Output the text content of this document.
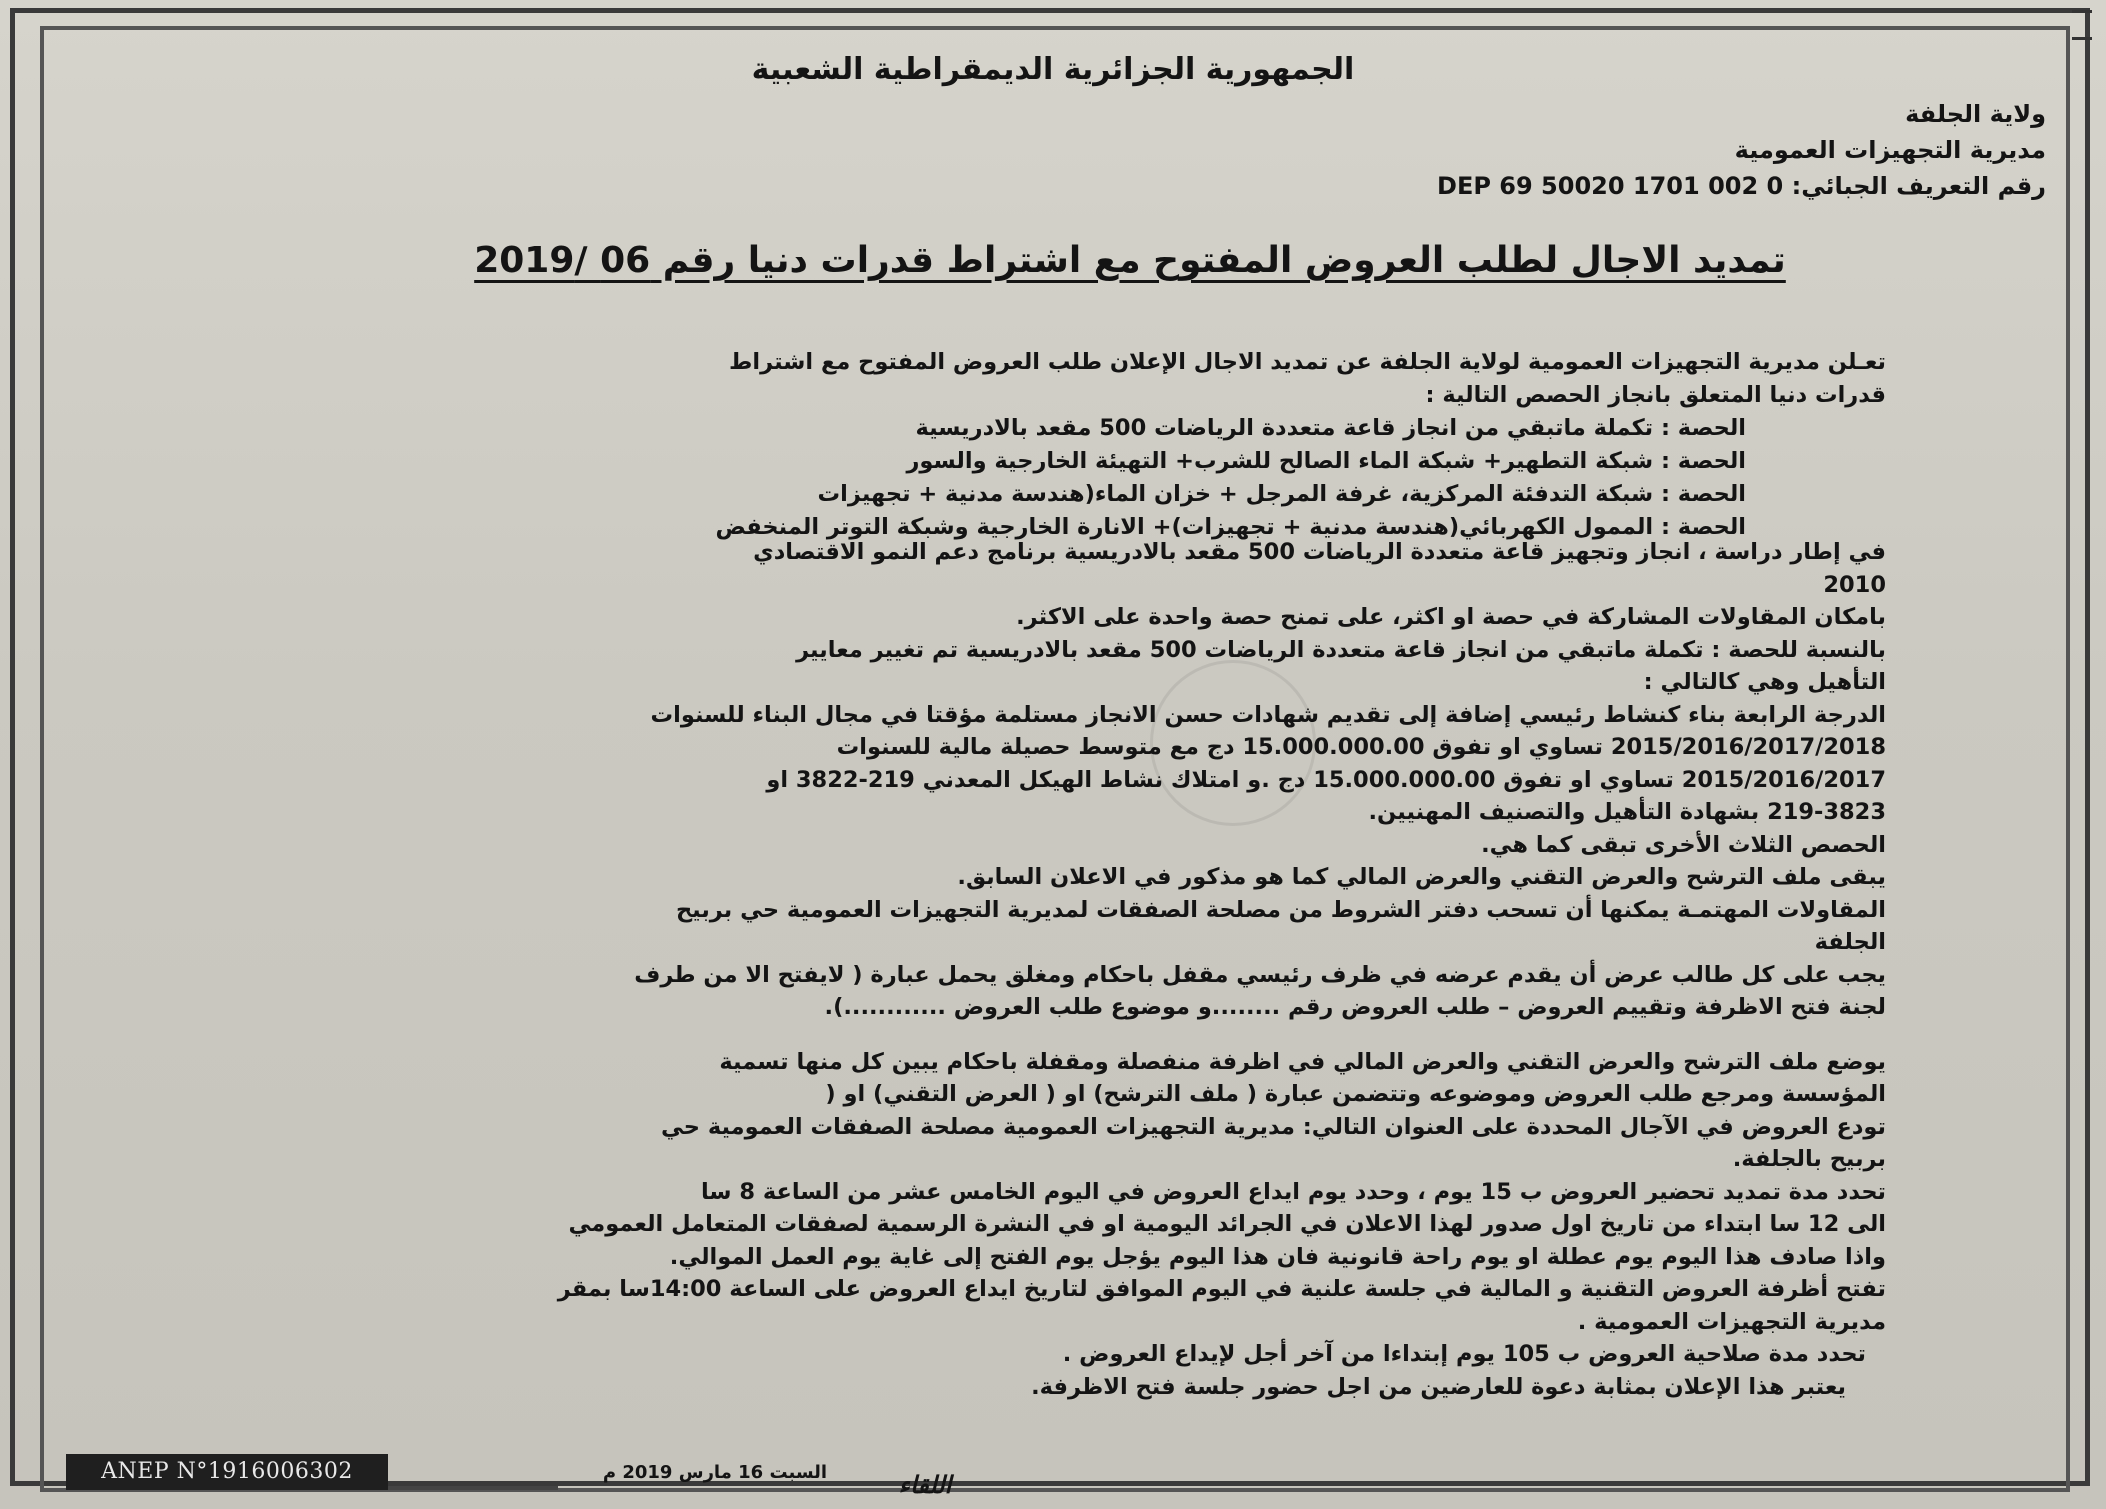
الجمهورية الجزائرية الديمقراطية الشعبية
ولاية الجلفة
مديرية التجهيزات العمومية
رقم التعريف الجبائي: 0 002 1701 50020 69 DEP
تمديد الاجال لطلب العروض المفتوح مع اشتراط قدرات دنيا رقم 06 /2019
تعـلن مديرية التجهيزات العمومية لولاية الجلفة عن تمديد الاجال الإعلان طلب العروض المفتوح مع اشتراط
قدرات دنيا المتعلق بانجاز الحصص التالية :
الحصة : تكملة ماتبقي من انجاز قاعة متعددة الرياضات 500 مقعد بالادريسية
الحصة : شبكة التطهير+ شبكة الماء الصالح للشرب+ التهيئة الخارجية والسور
الحصة : شبكة التدفئة المركزية، غرفة المرجل + خزان الماء(هندسة مدنية + تجهيزات
الحصة : الممول الكهربائي(هندسة مدنية + تجهيزات)+ الانارة الخارجية وشبكة التوتر المنخفض
في إطار دراسة ، انجاز وتجهيز قاعة متعددة الرياضات 500 مقعد بالادريسية برنامج دعم النمو الاقتصادي
2010
بامكان المقاولات المشاركة في حصة او اكثر، على تمنح حصة واحدة على الاكثر.
بالنسبة للحصة : تكملة ماتبقي من انجاز قاعة متعددة الرياضات 500 مقعد بالادريسية تم تغيير معايير
التأهيل وهي كالتالي :
الدرجة الرابعة بناء كنشاط رئيسي إضافة إلى تقديم شهادات حسن الانجاز مستلمة مؤقتا في مجال البناء للسنوات
2015/2016/2017/2018 تساوي او تفوق 15.000.000.00 دج مع متوسط حصيلة مالية للسنوات
2015/2016/2017 تساوي او تفوق 15.000.000.00 دج .و امتلاك نشاط الهيكل المعدني 219-3822 او
219-3823 بشهادة التأهيل والتصنيف المهنيين.
الحصص الثلاث الأخرى تبقى كما هي.
يبقى ملف الترشح والعرض التقني والعرض المالي كما هو مذكور في الاعلان السابق.
المقاولات المهتمـة يمكنها أن تسحب دفتر الشروط من مصلحة الصفقات لمديرية التجهيزات العمومية حي بربيح
الجلفة
يجب على كل طالب عرض أن يقدم عرضه في ظرف رئيسي مقفل باحكام ومغلق يحمل عبارة ( لايفتح الا من طرف
لجنة فتح الاظرفة وتقييم العروض – طلب العروض رقم ........و موضوع طلب العروض ............).
يوضع ملف الترشح والعرض التقني والعرض المالي في اظرفة منفصلة ومقفلة باحكام يبين كل منها تسمية
المؤسسة ومرجع طلب العروض وموضوعه وتتضمن عبارة ( ملف الترشح) او ( العرض التقني) او (
تودع العروض في الآجال المحددة على العنوان التالي: مديرية التجهيزات العمومية مصلحة الصفقات العمومية حي
بربيح بالجلفة.
تحدد مدة تمديد تحضير العروض ب 15 يوم ، وحدد يوم ايداع العروض في اليوم الخامس عشر من الساعة 8 سا
الى 12 سا ابتداء من تاريخ اول صدور لهذا الاعلان في الجرائد اليومية او في النشرة الرسمية لصفقات المتعامل العمومي
واذا صادف هذا اليوم يوم عطلة او يوم راحة قانونية فان هذا اليوم يؤجل يوم الفتح إلى غاية يوم العمل الموالي.
تفتح أظرفة العروض التقنية و المالية في جلسة علنية في اليوم الموافق لتاريخ ايداع العروض على الساعة 14:00سا بمقر
مديرية التجهيزات العمومية .
تحدد مدة صلاحية العروض ب 105 يوم إبتداءا من آخر أجل لإيداع العروض .
يعتبر هذا الإعلان بمثابة دعوة للعارضين من اجل حضور جلسة فتح الاظرفة.
ANEP N°1916006302	السبت 16 مارس 2019 م	اللقاء
